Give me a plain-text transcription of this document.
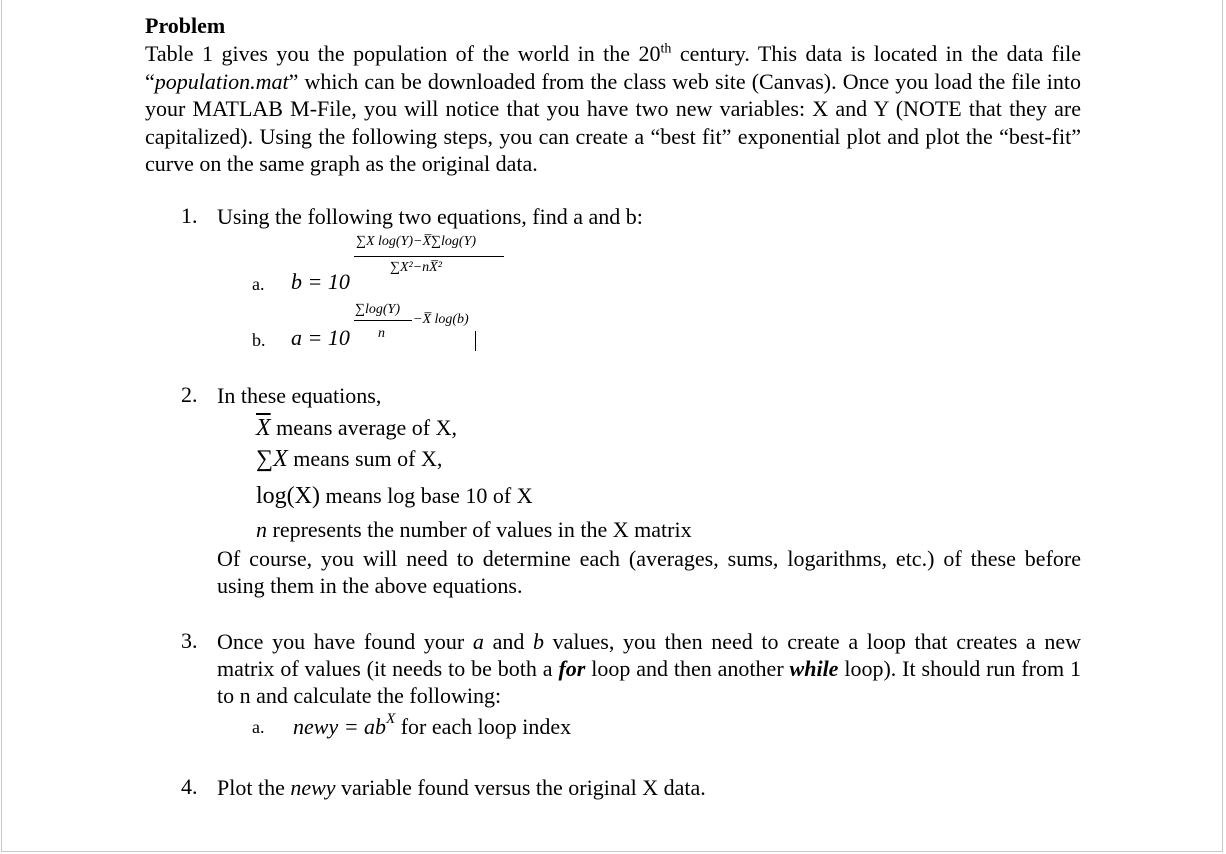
Problem
Table 1 gives you the population of the world in the 20th century. This data is located in the data file “population.mat” which can be downloaded from the class web site (Canvas). Once you load the file into your MATLAB M-File, you will notice that you have two new variables: X and Y (NOTE that they are capitalized). Using the following steps, you can create a “best fit” exponential plot and plot the “best-fit” curve on the same graph as the original data.
1. Using the following two equations, find a and b:
a. b = 10
∑X log(Y)−X̅∑log(Y)
∑X²−nX̅²
b. a = 10
∑log(Y)
−X̅ log(b)
n
2. In these equations,
$\overline{X}$ means average of X,
∑X means sum of X,
log(X) means log base 10 of X
n represents the number of values in the X matrix
Of course, you will need to determine each (averages, sums, logarithms, etc.) of these before using them in the above equations.
3. Once you have found your a and b values, you then need to create a loop that creates a new matrix of values (it needs to be both a for loop and then another while loop). It should run from 1 to n and calculate the following:
a. newy = $ab^X$ for each loop index
4. Plot the newy variable found versus the original X data.
